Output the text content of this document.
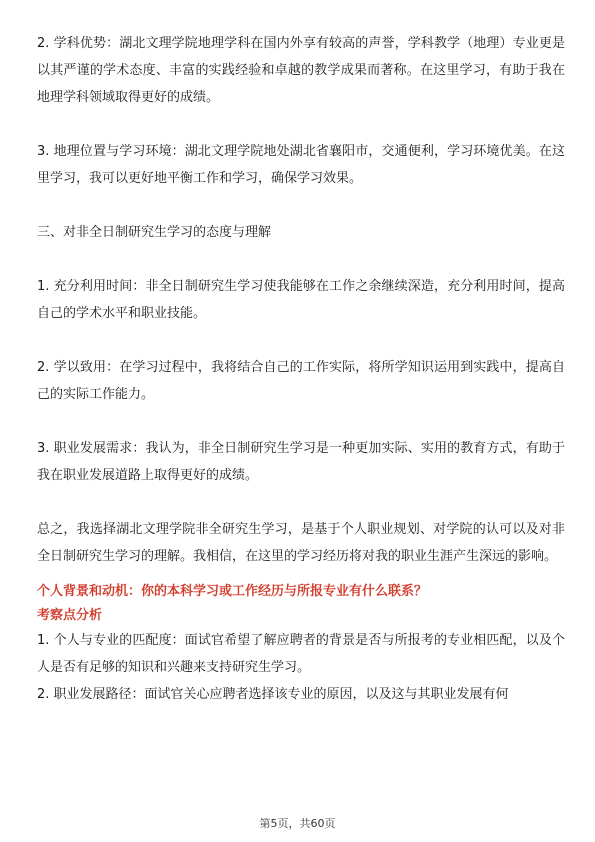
2. 学科优势：湖北文理学院地理学科在国内外享有较高的声誉，学科教学（地理）专业更是以其严谨的学术态度、丰富的实践经验和卓越的教学成果而著称。在这里学习，有助于我在地理学科领域取得更好的成绩。

3. 地理位置与学习环境：湖北文理学院地处湖北省襄阳市，交通便利，学习环境优美。在这里学习，我可以更好地平衡工作和学习，确保学习效果。

三、对非全日制研究生学习的态度与理解

1. 充分利用时间：非全日制研究生学习使我能够在工作之余继续深造，充分利用时间，提高自己的学术水平和职业技能。

2. 学以致用：在学习过程中，我将结合自己的工作实际，将所学知识运用到实践中，提高自己的实际工作能力。

3. 职业发展需求：我认为，非全日制研究生学习是一种更加实际、实用的教育方式，有助于我在职业发展道路上取得更好的成绩。

总之，我选择湖北文理学院非全研究生学习，是基于个人职业规划、对学院的认可以及对非全日制研究生学习的理解。我相信，在这里的学习经历将对我的职业生涯产生深远的影响。

个人背景和动机：你的本科学习或工作经历与所报专业有什么联系？

考察点分析

1. 个人与专业的匹配度：面试官希望了解应聘者的背景是否与所报考的专业相匹配，以及个人是否有足够的知识和兴趣来支持研究生学习。

2. 职业发展路径：面试官关心应聘者选择该专业的原因，以及这与其职业发展有何

第5页，共60页
